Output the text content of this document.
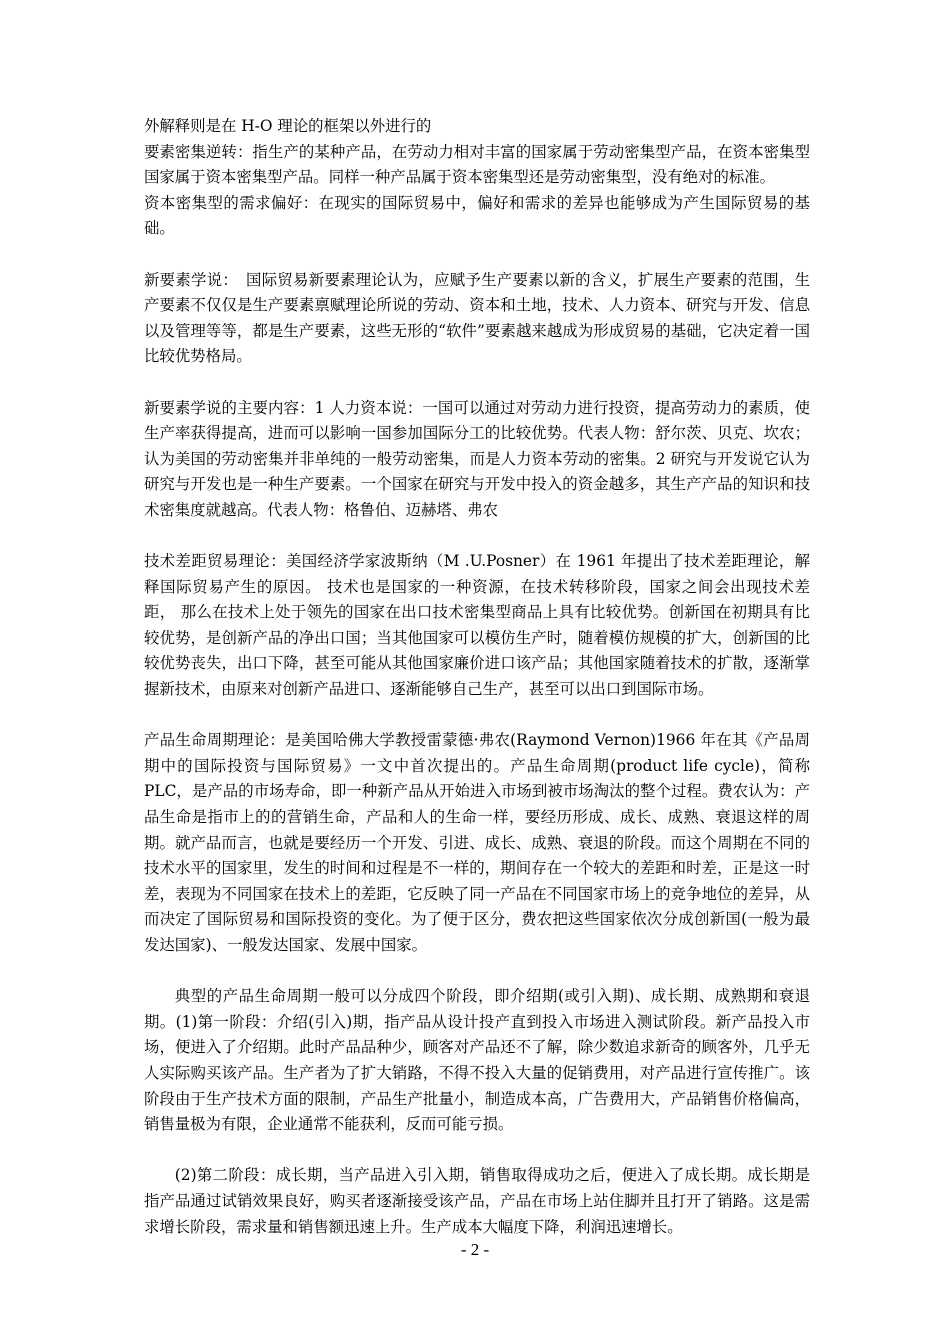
外解释则是在 H-O 理论的框架以外进行的

要素密集逆转：指生产的某种产品，在劳动力相对丰富的国家属于劳动密集型产品，在资本密集型国家属于资本密集型产品。同样一种产品属于资本密集型还是劳动密集型，没有绝对的标准。

资本密集型的需求偏好：在现实的国际贸易中，偏好和需求的差异也能够成为产生国际贸易的基础。

新要素学说：　国际贸易新要素理论认为，应赋予生产要素以新的含义，扩展生产要素的范围，生产要素不仅仅是生产要素禀赋理论所说的劳动、资本和土地，技术、人力资本、研究与开发、信息以及管理等等，都是生产要素，这些无形的“软件”要素越来越成为形成贸易的基础，它决定着一国比较优势格局。

新要素学说的主要内容：1 人力资本说：一国可以通过对劳动力进行投资，提高劳动力的素质，使生产率获得提高，进而可以影响一国参加国际分工的比较优势。代表人物：舒尔茨、贝克、坎农；认为美国的劳动密集并非单纯的一般劳动密集，而是人力资本劳动的密集。2 研究与开发说它认为研究与开发也是一种生产要素。一个国家在研究与开发中投入的资金越多，其生产产品的知识和技术密集度就越高。代表人物：格鲁伯、迈赫塔、弗农

技术差距贸易理论：美国经济学家波斯纳（M .U.Posner）在 1961 年提出了技术差距理论，解释国际贸易产生的原因。 技术也是国家的一种资源，在技术转移阶段，国家之间会出现技术差距， 那么在技术上处于领先的国家在出口技术密集型商品上具有比较优势。创新国在初期具有比较优势，是创新产品的净出口国；当其他国家可以模仿生产时，随着模仿规模的扩大，创新国的比较优势丧失，出口下降，甚至可能从其他国家廉价进口该产品；其他国家随着技术的扩散，逐渐掌握新技术，由原来对创新产品进口、逐渐能够自己生产，甚至可以出口到国际市场。

产品生命周期理论：是美国哈佛大学教授雷蒙德·弗农(Raymond Vernon)1966 年在其《产品周期中的国际投资与国际贸易》一文中首次提出的。产品生命周期(product life cycle)，简称 PLC，是产品的市场寿命，即一种新产品从开始进入市场到被市场淘汰的整个过程。费农认为：产品生命是指市上的的营销生命，产品和人的生命一样，要经历形成、成长、成熟、衰退这样的周期。就产品而言，也就是要经历一个开发、引进、成长、成熟、衰退的阶段。而这个周期在不同的技术水平的国家里，发生的时间和过程是不一样的，期间存在一个较大的差距和时差，正是这一时差，表现为不同国家在技术上的差距，它反映了同一产品在不同国家市场上的竞争地位的差异，从而决定了国际贸易和国际投资的变化。为了便于区分，费农把这些国家依次分成创新国(一般为最发达国家)、一般发达国家、发展中国家。

典型的产品生命周期一般可以分成四个阶段，即介绍期(或引入期)、成长期、成熟期和衰退期。(1)第一阶段：介绍(引入)期，指产品从设计投产直到投入市场进入测试阶段。新产品投入市场，便进入了介绍期。此时产品品种少，顾客对产品还不了解，除少数追求新奇的顾客外，几乎无人实际购买该产品。生产者为了扩大销路，不得不投入大量的促销费用，对产品进行宣传推广。该阶段由于生产技术方面的限制，产品生产批量小，制造成本高，广告费用大，产品销售价格偏高，销售量极为有限，企业通常不能获利，反而可能亏损。

(2)第二阶段：成长期，当产品进入引入期，销售取得成功之后，便进入了成长期。成长期是指产品通过试销效果良好，购买者逐渐接受该产品，产品在市场上站住脚并且打开了销路。这是需求增长阶段，需求量和销售额迅速上升。生产成本大幅度下降，利润迅速增长。

- 2 -
